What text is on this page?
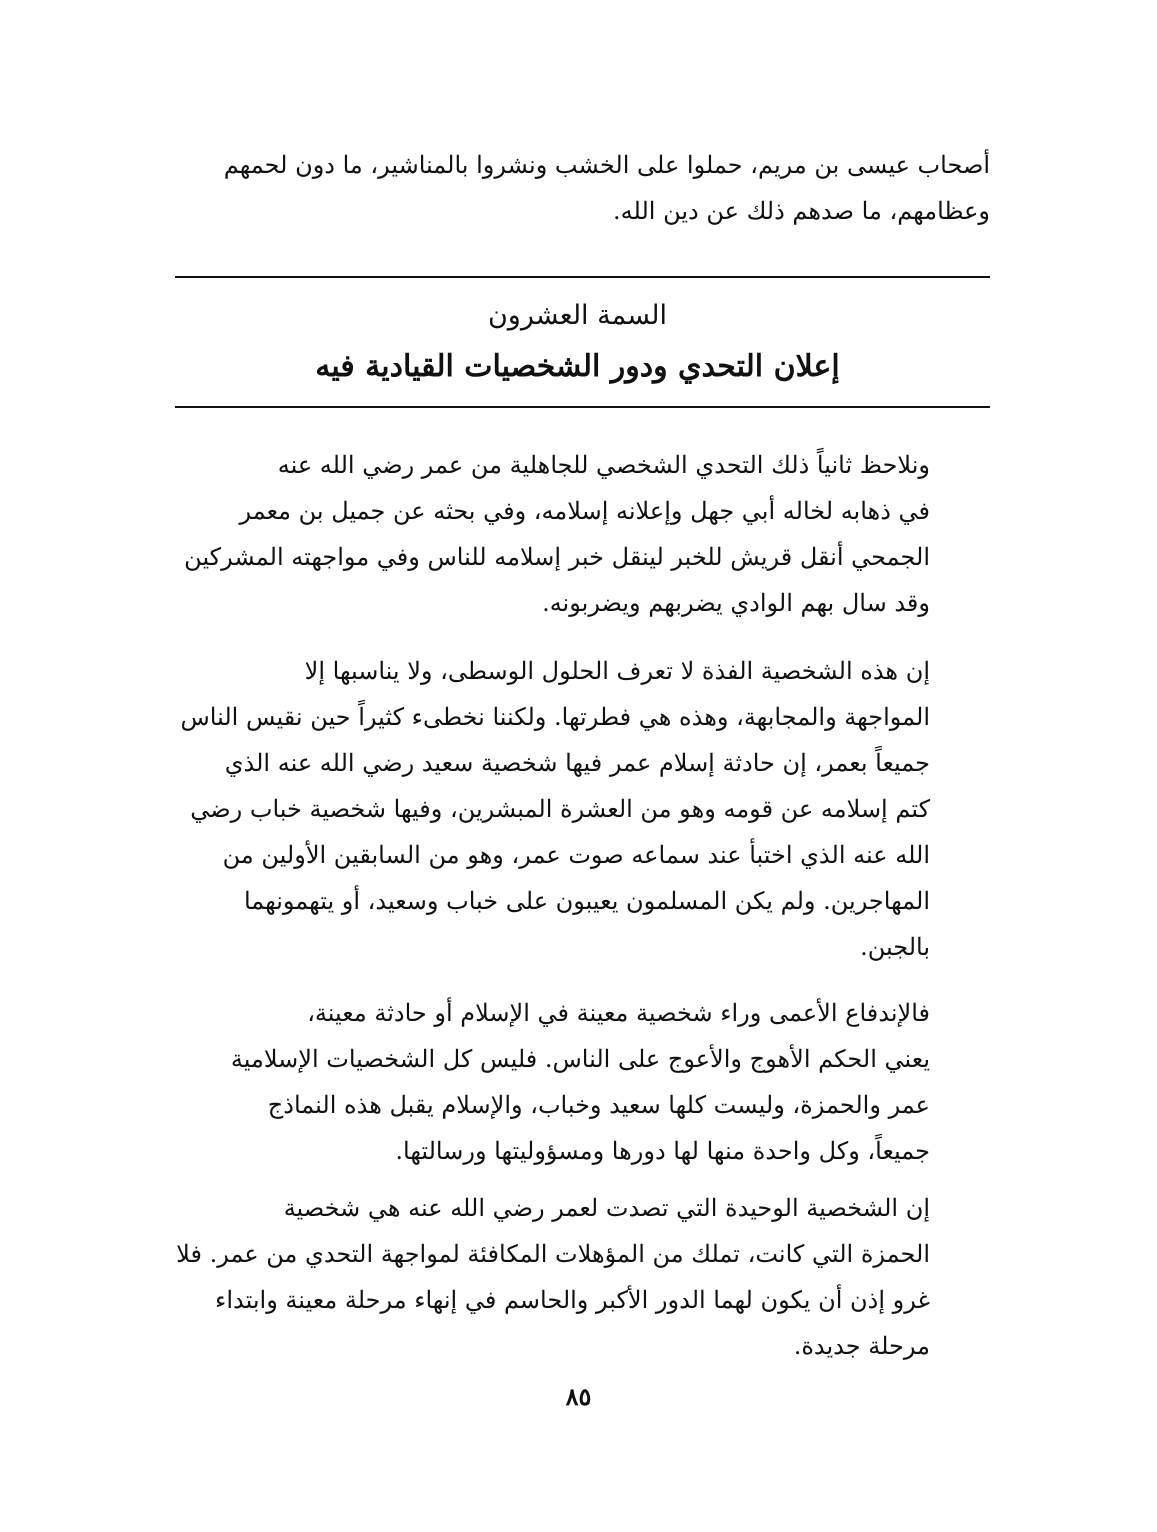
أصحاب عيسى بن مريم، حملوا على الخشب ونشروا بالمناشير، ما دون لحمهم
وعظامهم، ما صدهم ذلك عن دين الله.

السمة العشرون
إعلان التحدي ودور الشخصيات القيادية فيه

ونلاحظ ثانياً ذلك التحدي الشخصي للجاهلية من عمر رضي الله عنه
في ذهابه لخاله أبي جهل وإعلانه إسلامه، وفي بحثه عن جميل بن معمر
الجمحي أنقل قريش للخبر لينقل خبر إسلامه للناس وفي مواجهته المشركين
وقد سال بهم الوادي يضربهم ويضربونه.

إن هذه الشخصية الفذة لا تعرف الحلول الوسطى، ولا يناسبها إلا
المواجهة والمجابهة، وهذه هي فطرتها. ولكننا نخطىء كثيراً حين نقيس الناس
جميعاً بعمر، إن حادثة إسلام عمر فيها شخصية سعيد رضي الله عنه الذي
كتم إسلامه عن قومه وهو من العشرة المبشرين، وفيها شخصية خباب رضي
الله عنه الذي اختبأ عند سماعه صوت عمر، وهو من السابقين الأولين من
المهاجرين. ولم يكن المسلمون يعيبون على خباب وسعيد، أو يتهمونهما
بالجبن.

فالإندفاع الأعمى وراء شخصية معينة في الإسلام أو حادثة معينة،
يعني الحكم الأهوج والأعوج على الناس. فليس كل الشخصيات الإسلامية
عمر والحمزة، وليست كلها سعيد وخباب، والإسلام يقبل هذه النماذج
جميعاً، وكل واحدة منها لها دورها ومسؤوليتها ورسالتها.

إن الشخصية الوحيدة التي تصدت لعمر رضي الله عنه هي شخصية
الحمزة التي كانت، تملك من المؤهلات المكافئة لمواجهة التحدي من عمر. فلا
غرو إذن أن يكون لهما الدور الأكبر والحاسم في إنهاء مرحلة معينة وابتداء
مرحلة جديدة.

٨٥
